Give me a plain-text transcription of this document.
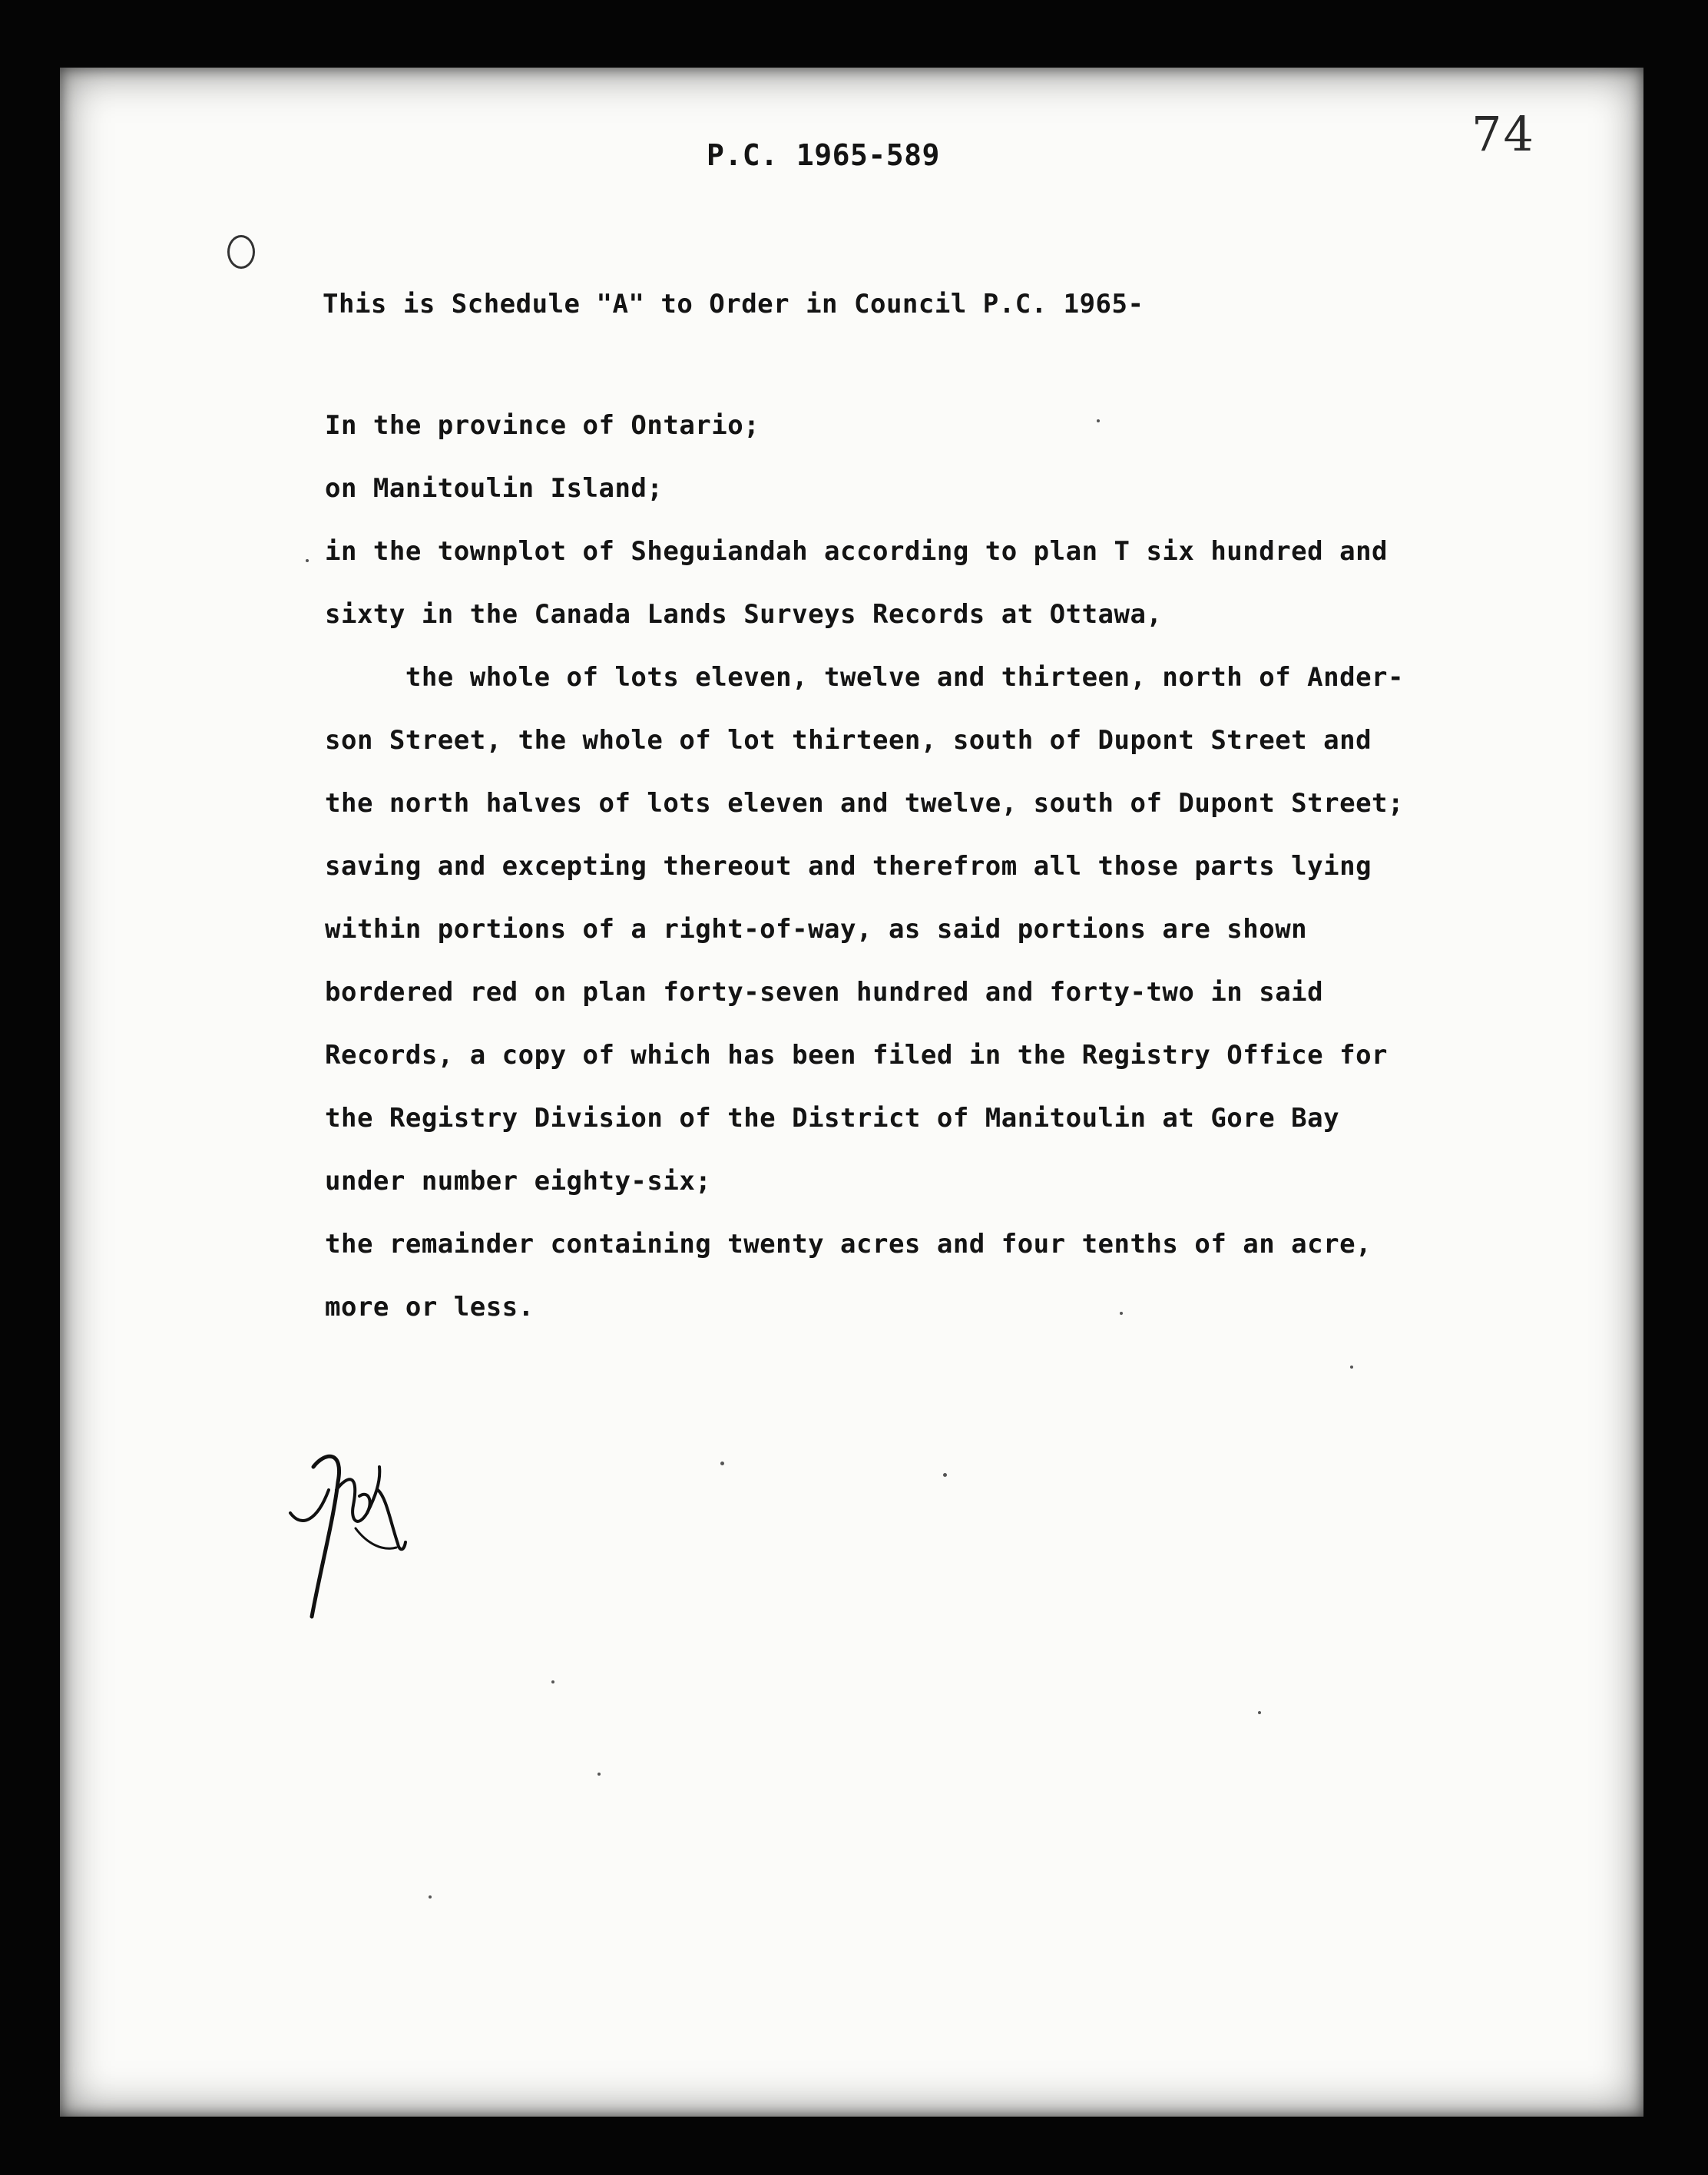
74
P.C. 1965-589
This is Schedule "A" to Order in Council P.C. 1965-
In the province of Ontario;
on Manitoulin Island;
in the townplot of Sheguiandah according to plan T six hundred and
sixty in the Canada Lands Surveys Records at Ottawa,
the whole of lots eleven, twelve and thirteen, north of Ander-
son Street, the whole of lot thirteen, south of Dupont Street and
the north halves of lots eleven and twelve, south of Dupont Street;
saving and excepting thereout and therefrom all those parts lying
within portions of a right-of-way, as said portions are shown
bordered red on plan forty-seven hundred and forty-two in said
Records, a copy of which has been filed in the Registry Office for
the Registry Division of the District of Manitoulin at Gore Bay
under number eighty-six;
the remainder containing twenty acres and four tenths of an acre,
more or less.
